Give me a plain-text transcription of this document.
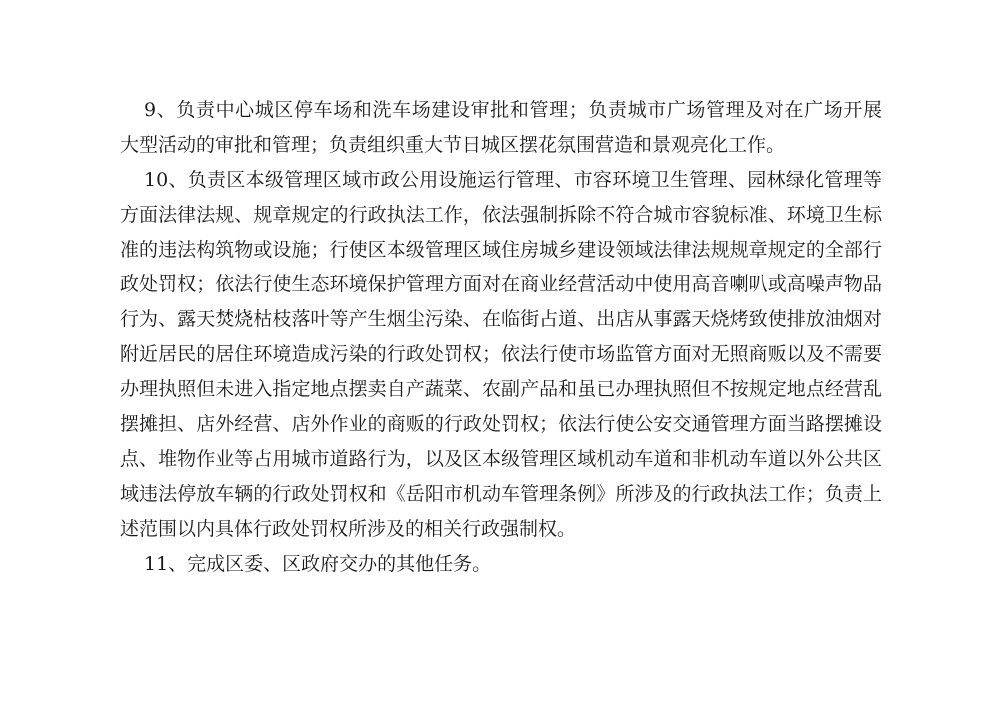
9、负责中心城区停车场和洗车场建设审批和管理；负责城市广场管理及对在广场开展
大型活动的审批和管理；负责组织重大节日城区摆花氛围营造和景观亮化工作。
10、负责区本级管理区域市政公用设施运行管理、市容环境卫生管理、园林绿化管理等
方面法律法规、规章规定的行政执法工作，依法强制拆除不符合城市容貌标准、环境卫生标
准的违法构筑物或设施；行使区本级管理区域住房城乡建设领域法律法规规章规定的全部行
政处罚权；依法行使生态环境保护管理方面对在商业经营活动中使用高音喇叭或高噪声物品
行为、露天焚烧枯枝落叶等产生烟尘污染、在临街占道、出店从事露天烧烤致使排放油烟对
附近居民的居住环境造成污染的行政处罚权；依法行使市场监管方面对无照商贩以及不需要
办理执照但未进入指定地点摆卖自产蔬菜、农副产品和虽已办理执照但不按规定地点经营乱
摆摊担、店外经营、店外作业的商贩的行政处罚权；依法行使公安交通管理方面当路摆摊设
点、堆物作业等占用城市道路行为，以及区本级管理区域机动车道和非机动车道以外公共区
域违法停放车辆的行政处罚权和《岳阳市机动车管理条例》所涉及的行政执法工作；负责上
述范围以内具体行政处罚权所涉及的相关行政强制权。
11、完成区委、区政府交办的其他任务。
